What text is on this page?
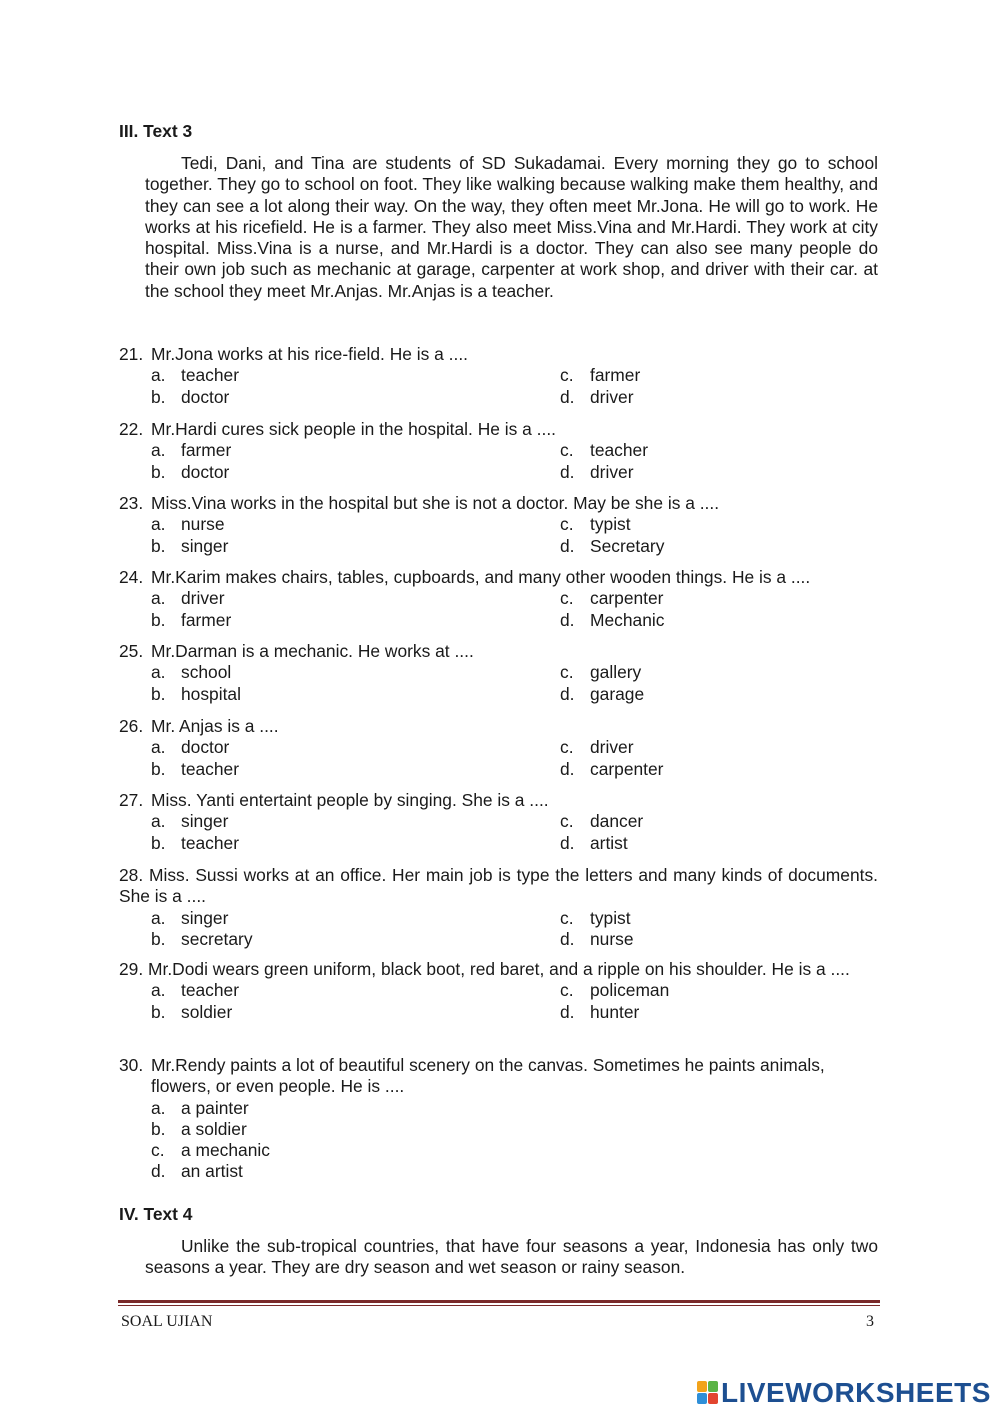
III. Text 3
Tedi, Dani, and Tina are students of SD Sukadamai. Every morning they go to school together. They go to school on foot. They like walking because walking make them healthy, and they can see a lot along their way. On the way, they often meet Mr.Jona. He will go to work. He works at his ricefield. He is a farmer. They also meet Miss.Vina and Mr.Hardi. They work at city hospital. Miss.Vina is a nurse, and Mr.Hardi is a doctor. They can also see many people do their own job such as mechanic at garage, carpenter at work shop, and driver with their car. at the school they meet Mr.Anjas. Mr.Anjas is a teacher.
21. Mr.Jona works at his rice-field. He is a ....
a. teacher	c. farmer
b. doctor	d. driver
22. Mr.Hardi cures sick people in the hospital. He is a ....
a. farmer	c. teacher
b. doctor	d. driver
23. Miss.Vina works in the hospital but she is not a doctor. May be she is a ....
a. nurse	c. typist
b. singer	d. Secretary
24. Mr.Karim makes chairs, tables, cupboards, and many other wooden things. He is a ....
a. driver	c. carpenter
b. farmer	d. Mechanic
25. Mr.Darman is a mechanic. He works at ....
a. school	c. gallery
b. hospital	d. garage
26. Mr. Anjas is a ....
a. doctor	c. driver
b. teacher	d. carpenter
27. Miss. Yanti entertaint people by singing. She is a ....
a. singer	c. dancer
b. teacher	d. artist
28. Miss. Sussi works at an office. Her main job is type the letters and many kinds of documents. She is a ....
a. singer	c. typist
b. secretary	d. nurse
29. Mr.Dodi wears green uniform, black boot, red baret, and a ripple on his shoulder. He is a ....
a. teacher	c. policeman
b. soldier	d. hunter
30. Mr.Rendy paints a lot of beautiful scenery on the canvas. Sometimes he paints animals, flowers, or even people. He is ....
a. a painter
b. a soldier
c. a mechanic
d. an artist
IV. Text 4
Unlike the sub-tropical countries, that have four seasons a year, Indonesia has only two seasons a year. They are dry season and wet season or rainy season.
SOAL UJIAN	3
LIVEWORKSHEETS
